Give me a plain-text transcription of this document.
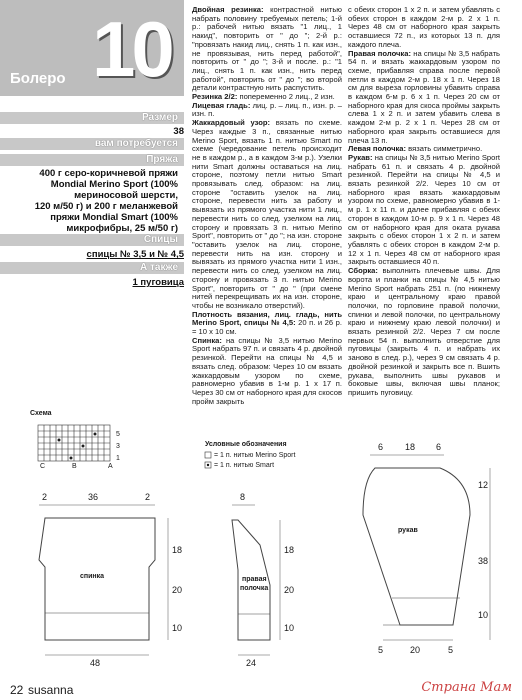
Болеро 10
Размер
38
вам потребуется
Пряжа
400 г серо-коричневой пряжи
Mondial Merino Sport (100%
мериносовой шерсти,
120 м/50 г) и 200 г меланжевой
пряжи Mondial Smart (100%
микрофибры, 25 м/50 г)
Спицы
спицы № 3,5 и № 4,5
А также
1 пуговица

Двойная резинка: контрастной нитью набрать половину требуемых петель; 1-й р.: рабочей нитью вязать "1 лиц., 1 накид", повторить от " до "; 2-й р.: "провязать накид лиц., снять 1 п. как изн., не провязывая, нить перед работой", повторить от " до "; 3-й и после. р.: "1 лиц., снять 1 п. как изн., нить перед работой", повторить от " до "; во второй детали контрастную нить распустить.

Резинка 2/2: попеременно 2 лиц., 2 изн.

Лицевая гладь: лиц. р. – лиц. п., изн. р. – изн. п.

Жаккардовый узор: вязать по схеме. Через каждые 3 п., связанные нитью Merino Sport, вязать 1 п. нитью Smart по схеме (чередование петель происходит не в каждом р., а в каждом 3-м р.). Узелки нити Smart должны оставаться на лиц. стороне, поэтому петли нитью Smart провязывать след. образом: на лиц. стороне "оставить узелок на лиц. стороне, перевести нить за работу и вывязать из прямого участка нити 1 лиц., перевести нить со след. узелком на лиц. сторону и провязать 3 п. нитью Merino Sport", повторить от " до "; на изн. стороне "оставить узелок на лиц. стороне, перевести нить на изн. сторону и вывязать из прямого участка нити 1 изн., перевести нить со след. узелком на лиц. сторону и провязать 3 п. нитью Merino Sport", повторить от " до " (при смене нитей перекрещивать их на изн. стороне, чтобы не возникало отверстий).

Плотность вязания, лиц. гладь, нить Merino Sport, спицы № 4,5: 20 п. и 26 р. = 10 х 10 см.

Спинка: на спицы № 3,5 нитью Merino Sport набрать 97 п. и связать 4 р. двойной резинкой. Перейти на спицы № 4,5 и вязать след. образом: Через 10 см вязать жаккардовым узором по схеме, равномерно убавив в 1-м р. 1 х 17 п. Через 30 см от наборного края для скосов пройм закрыть

с обеих сторон 1 х 2 п. и затем убавлять с обеих сторон в каждом 2-м р. 2 х 1 п. Через 48 см от наборного края закрыть оставшиеся 72 п., из которых 13 п. для каждого плеча.

Правая полочка: на спицы № 3,5 набрать 54 п. и вязать жаккардовым узором по схеме, прибавляя справа после первой петли в каждом 2-м р. 18 х 1 п. Через 18 см для выреза горловины убавить справа в каждом 6-м р. 6 х 1 п. Через 20 см от наборного края для скоса проймы закрыть слева 1 х 2 п. и затем убавить слева в каждом 2-м р. 2 х 1 п. Через 28 см от наборного края закрыть оставшиеся для плеча 13 п.

Левая полочка: вязать симметрично.

Рукав: на спицы № 3,5 нитью Merino Sport набрать 61 п. и связать 4 р. двойной резинкой. Перейти на спицы № 4,5 и вязать резинкой 2/2. Через 10 см от наборного края вязать жаккардовым узором по схеме, равномерно убавив в 1-м р. 1 х 11 п. и далее прибавляя с обеих сторон в каждом 10-м р. 9 х 1 п. Через 48 см от наборного края для оката рукава закрыть с обеих сторон 1 х 2 п. и затем убавлять с обеих сторон в каждом 2-м р. 12 х 1 п. Через 48 см от наборного края закрыть оставшиеся 40 п.

Сборка: выполнить плечевые швы. Для ворота и планки на спицы № 4,5 нитью Merino Sport набрать 251 п. (по нижнему краю и центральному краю правой полочки, по горловине правой полочки, спинки и левой полочки, по центральному краю и нижнему краю левой полочки) и вязать резинкой 2/2. Через 7 см после первых 54 п. выполнить отверстие для пуговицы (закрыть 4 п. и набрать их заново в след. р.), через 9 см связать 4 р. двойной резинкой и закрыть все п. Вшить рукава, выполнить швы рукавов и боковые швы, включая швы планок; пришить пуговицу.

Схема
5
3
1
C	B	A
Условные обозначения
= 1 п. нитью Merino Sport
= 1 п. нитью Smart
2	36	2
18
20
10
48
спинка
8
18
20
10
24
правая
полочка
6 18 6
12
38
10
5	20	5
рукав
22 susanna	Страна Мам
